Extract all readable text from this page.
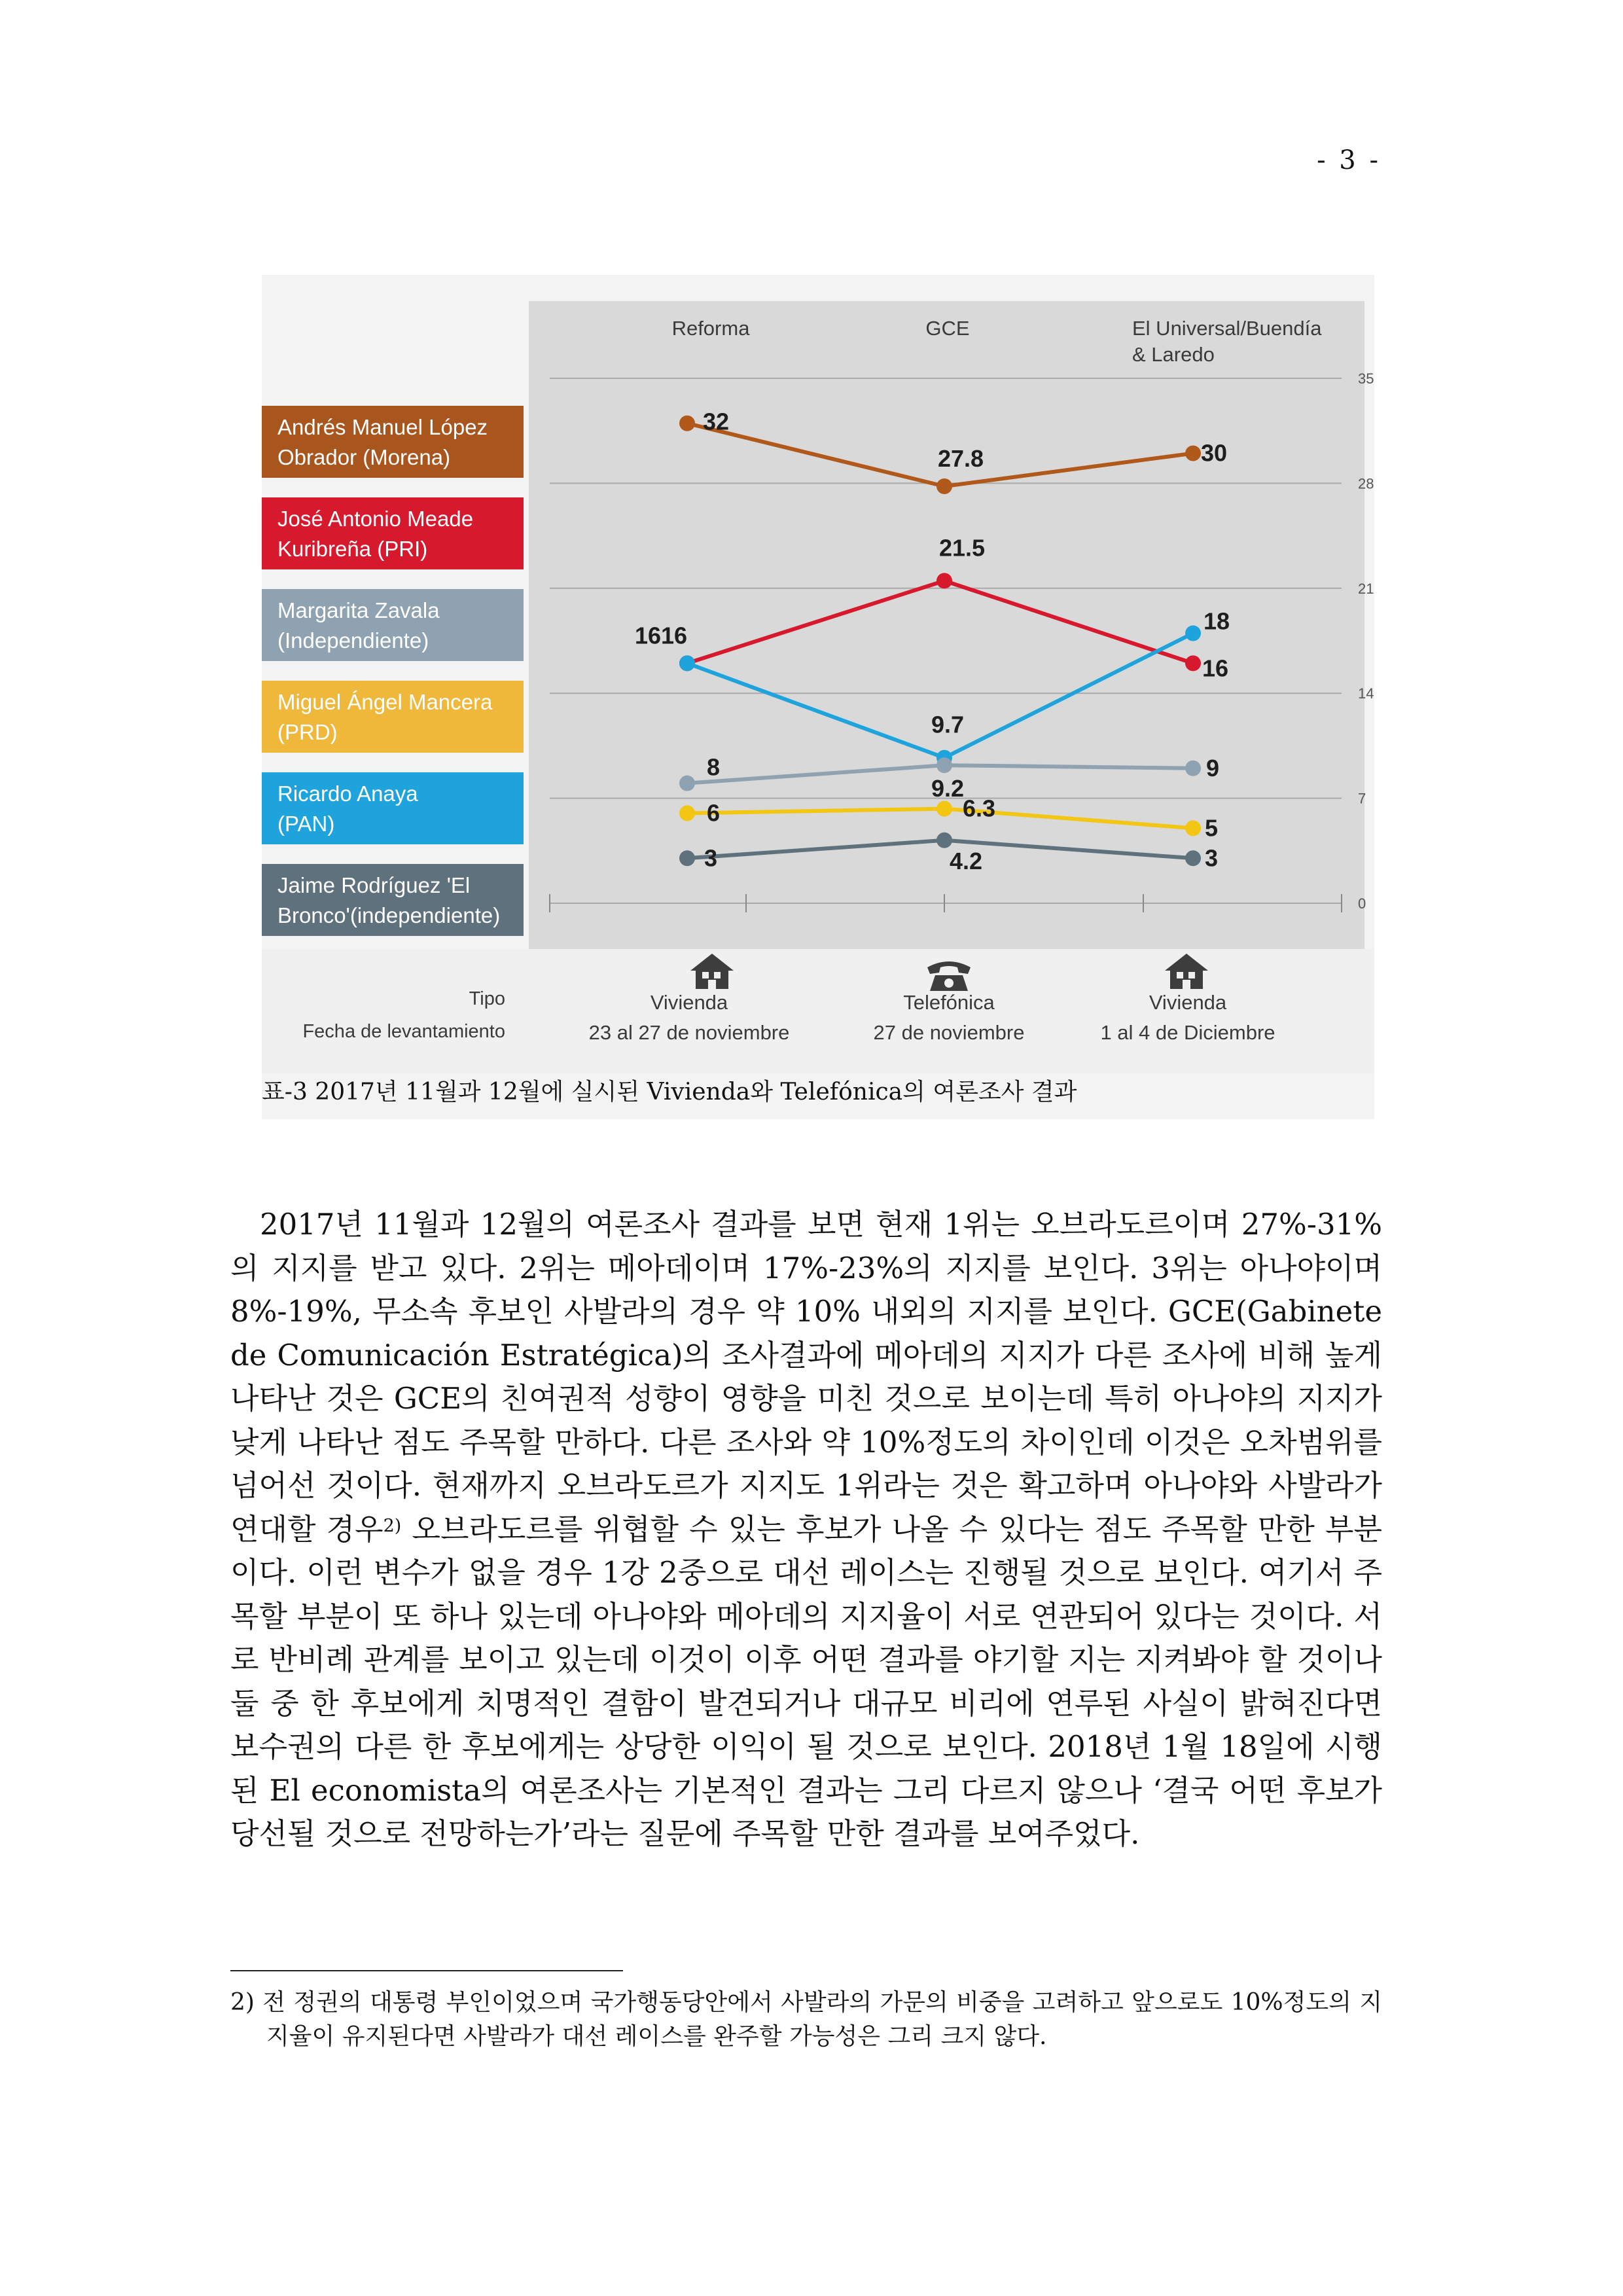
- 3 -
Andrés Manuel López
Obrador (Morena)
José Antonio Meade
Kuribreña (PRI)
Margarita Zavala
(Independiente)
Miguel Ángel Mancera
(PRD)
Ricardo Anaya
(PAN)
Jaime Rodríguez 'El
Bronco'(independiente)
Reforma	GCE	El Universal/Buendía
& Laredo
35
28
21
14
7
0
32
27.8	30
16
21.5
16
16
9.7
18
8
9.2
9
6	6.3
5
3	4.2	3
Tipo
Fecha de levantamiento
Vivienda
23 al 27 de noviembre
Telefónica
27 de noviembre
Vivienda
1 al 4 de Diciembre
표-3 2017년 11월과 12월에 실시된 Vivienda와 Telefónica의 여론조사 결과

2017년 11월과 12월의 여론조사 결과를 보면 현재 1위는 오브라도르이며 27%-31%의 지지를 받고 있다. 2위는 메아데이며 17%-23%의 지지를 보인다. 3위는 아나야이며 8%-19%, 무소속 후보인 사발라의 경우 약 10% 내외의 지지를 보인다. GCE(Gabinete de Comunicación Estratégica)의 조사결과에 메아데의 지지가 다른 조사에 비해 높게 나타난 것은 GCE의 친여권적 성향이 영향을 미친 것으로 보이는데 특히 아나야의 지지가 낮게 나타난 점도 주목할 만하다. 다른 조사와 약 10%정도의 차이인데 이것은 오차범위를 넘어선 것이다. 현재까지 오브라도르가 지지도 1위라는 것은 확고하며 아나야와 사발라가 연대할 경우$^{2)}$ 오브라도르를 위협할 수 있는 후보가 나올 수 있다는 점도 주목할 만한 부분이다. 이런 변수가 없을 경우 1강 2중으로 대선 레이스는 진행될 것으로 보인다. 여기서 주목할 부분이 또 하나 있는데 아나야와 메아데의 지지율이 서로 연관되어 있다는 것이다. 서로 반비례 관계를 보이고 있는데 이것이 이후 어떤 결과를 야기할 지는 지켜봐야 할 것이나 둘 중 한 후보에게 치명적인 결함이 발견되거나 대규모 비리에 연루된 사실이 밝혀진다면 보수권의 다른 한 후보에게는 상당한 이익이 될 것으로 보인다. 2018년 1월 18일에 시행된 El economista의 여론조사는 기본적인 결과는 그리 다르지 않으나 ‘결국 어떤 후보가 당선될 것으로 전망하는가’라는 질문에 주목할 만한 결과를 보여주었다.

2) 전 정권의 대통령 부인이었으며 국가행동당안에서 사발라의 가문의 비중을 고려하고 앞으로도 10%정도의 지지율이 유지된다면 사발라가 대선 레이스를 완주할 가능성은 그리 크지 않다.
